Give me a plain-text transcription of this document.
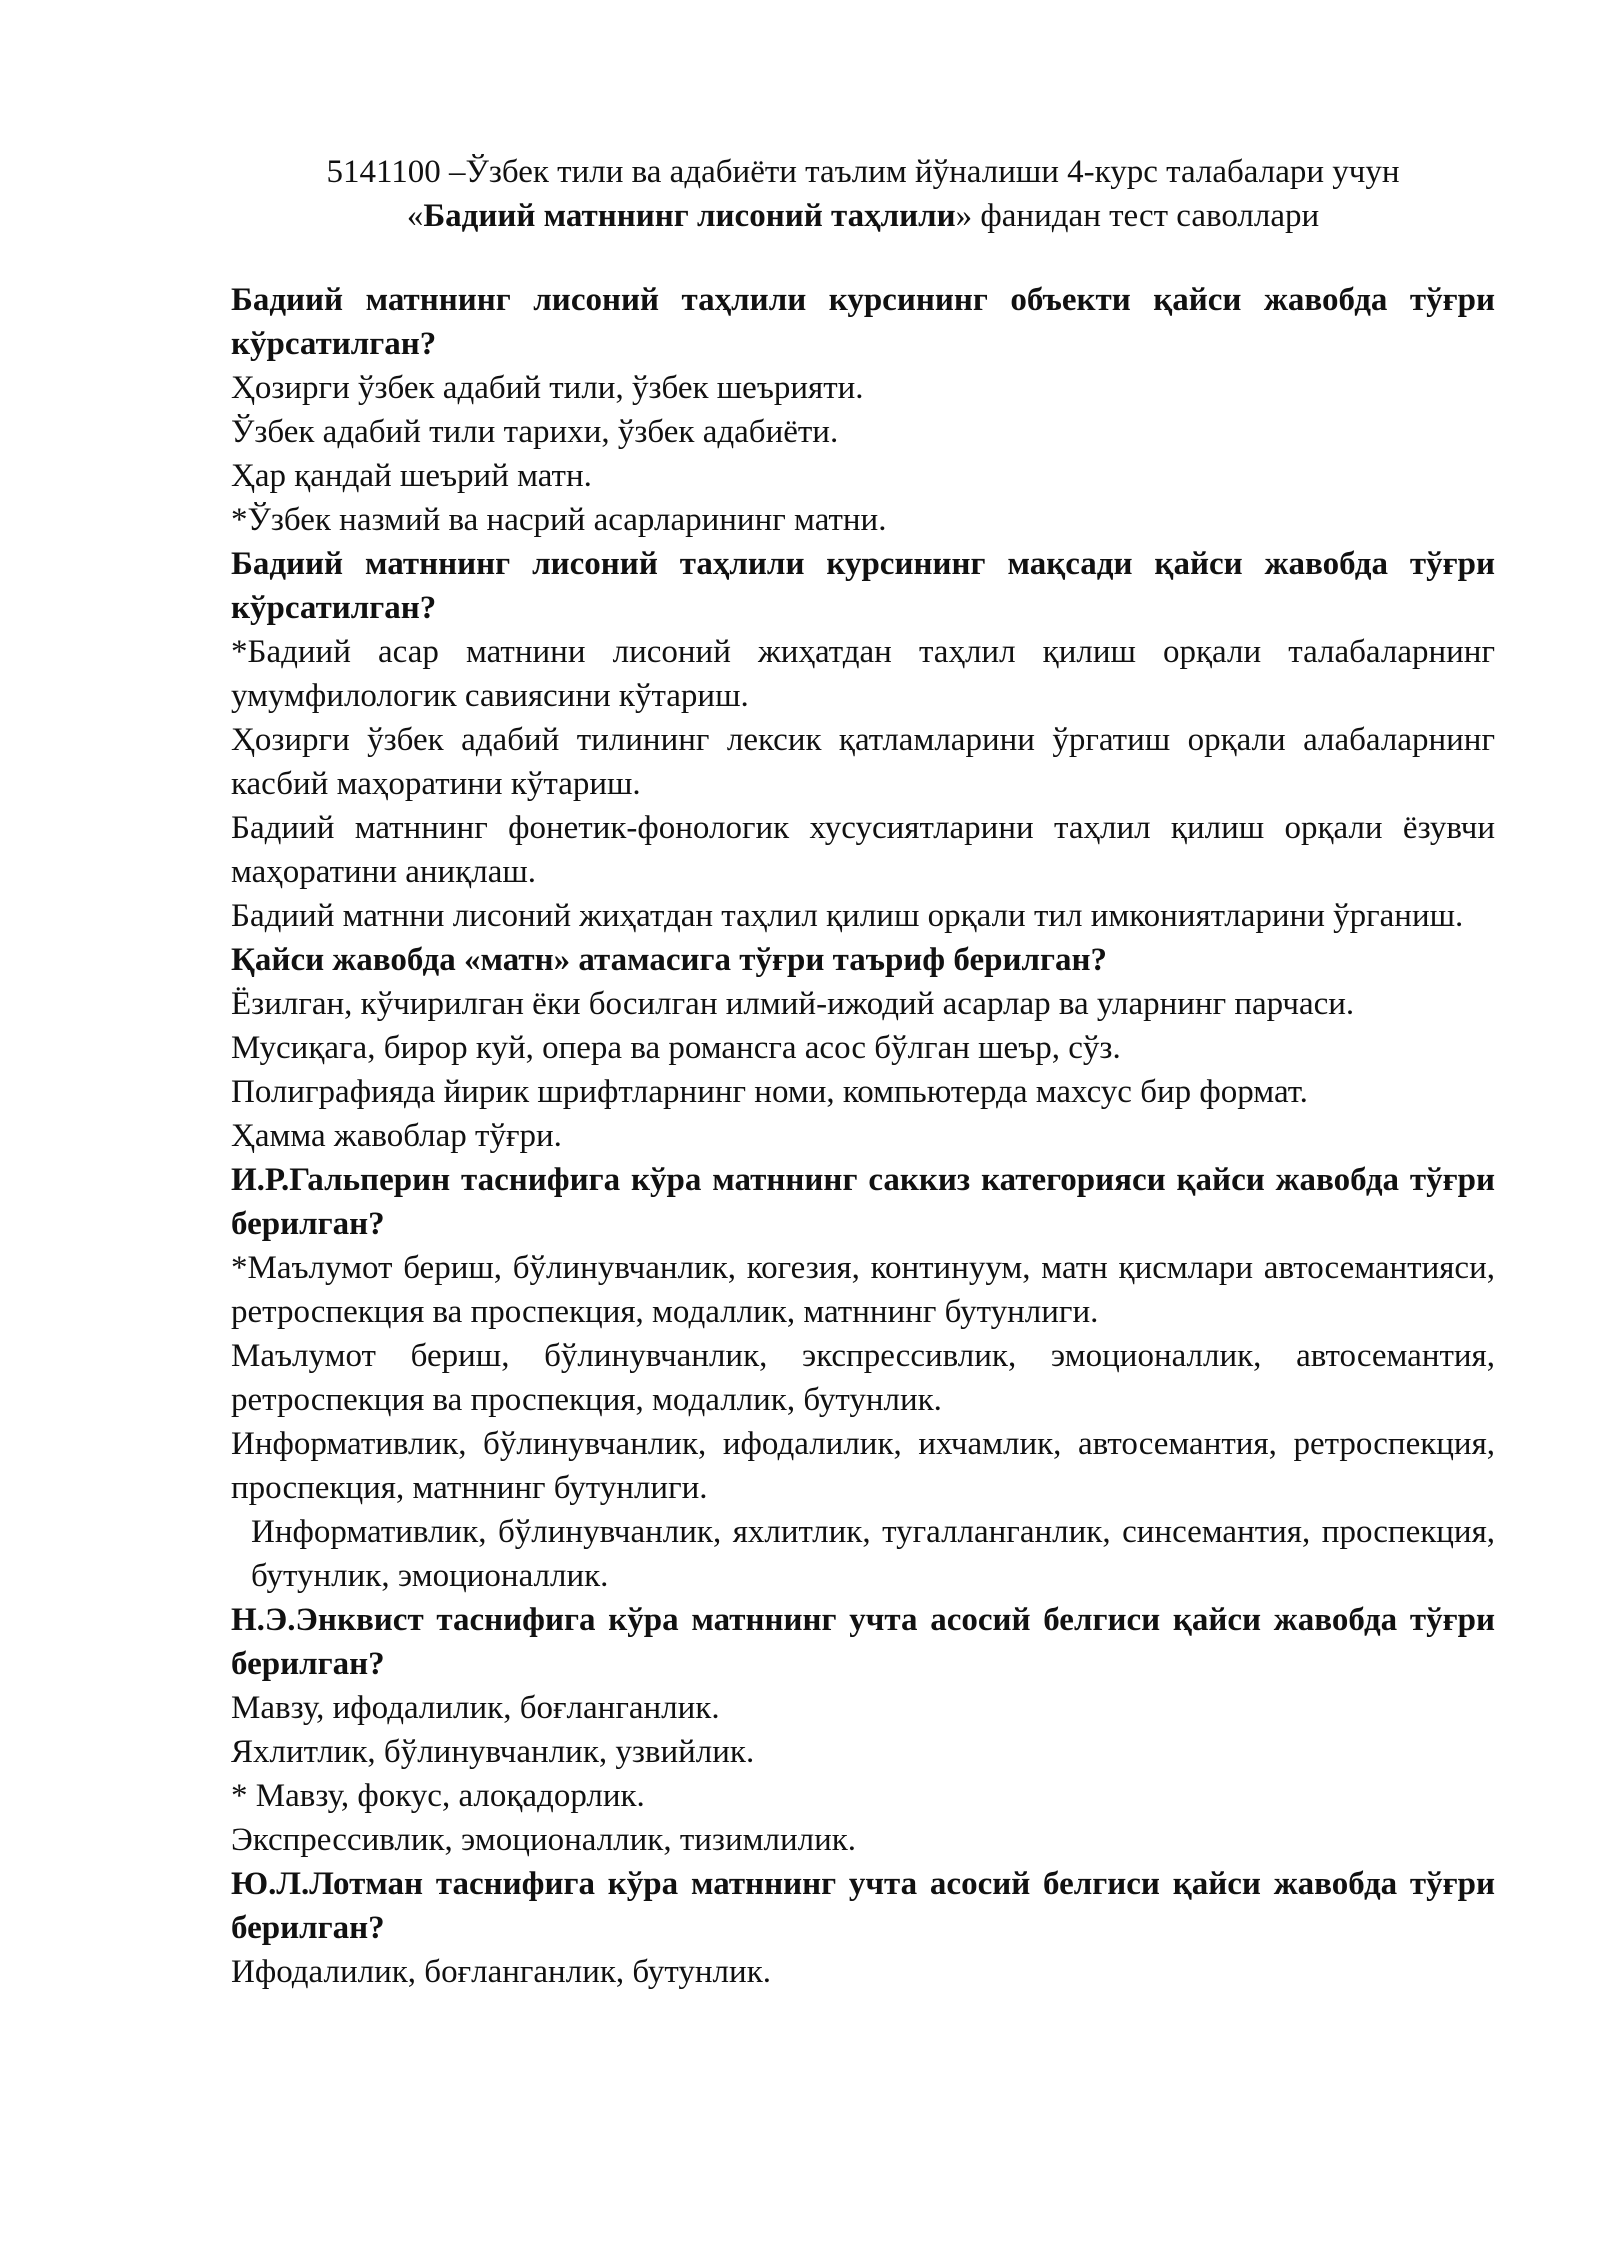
5141100 –Ўзбек тили ва адабиёти таълим йўналиши 4-курс талабалари учун
«Бадиий матннинг лисоний таҳлили» фанидан тест саволлари

Бадиий матннинг лисоний таҳлили курсининг объекти қайси жавобда тўғри кўрсатилган?

Ҳозирги ўзбек адабий тили, ўзбек шеърияти.

Ўзбек адабий тили тарихи, ўзбек адабиёти.

Ҳар қандай шеърий матн.

*Ўзбек назмий ва насрий асарларининг матни.

Бадиий матннинг лисоний таҳлили курсининг мақсади қайси жавобда тўғри кўрсатилган?

*Бадиий асар матнини лисоний жиҳатдан таҳлил қилиш орқали талабаларнинг умумфилологик савиясини кўтариш.

Ҳозирги ўзбек адабий тилининг лексик қатламларини ўргатиш орқали алабаларнинг касбий маҳоратини кўтариш.

Бадиий матннинг фонетик-фонологик хусусиятларини таҳлил қилиш орқали ёзувчи маҳоратини аниқлаш.

Бадиий матнни лисоний жиҳатдан таҳлил қилиш орқали тил имкониятларини ўрганиш.

Қайси жавобда «матн» атамасига тўғри таъриф берилган?

Ёзилган, кўчирилган ёки босилган илмий-ижодий асарлар ва уларнинг парчаси.

Мусиқага, бирор куй, опера ва романсга асос бўлган шеър, сўз.

Полиграфияда йирик шрифтларнинг номи, компьютерда махсус бир формат.

Ҳамма жавоблар тўғри.

И.Р.Гальперин таснифига кўра матннинг саккиз категорияси қайси жавобда тўғри берилган?

*Маълумот бериш, бўлинувчанлик, когезия, континуум, матн қисмлари автосемантияси, ретроспекция ва проспекция, модаллик, матннинг бутунлиги.

Маълумот бериш, бўлинувчанлик, экспрессивлик, эмоционаллик, автосемантия, ретроспекция ва проспекция, модаллик, бутунлик.

Информативлик, бўлинувчанлик, ифодалилик, ихчамлик, автосемантия, ретроспекция, проспекция, матннинг бутунлиги.

Информативлик, бўлинувчанлик, яхлитлик, тугалланганлик, синсемантия, проспекция, бутунлик, эмоционаллик.

Н.Э.Энквист таснифига кўра матннинг учта асосий белгиси қайси жавобда тўғри берилган?

Мавзу, ифодалилик, боғланганлик.

Яхлитлик, бўлинувчанлик, узвийлик.

* Мавзу, фокус, алоқадорлик.

Экспрессивлик, эмоционаллик, тизимлилик.

Ю.Л.Лотман таснифига кўра матннинг учта асосий белгиси қайси жавобда тўғри берилган?

Ифодалилик, боғланганлик, бутунлик.
